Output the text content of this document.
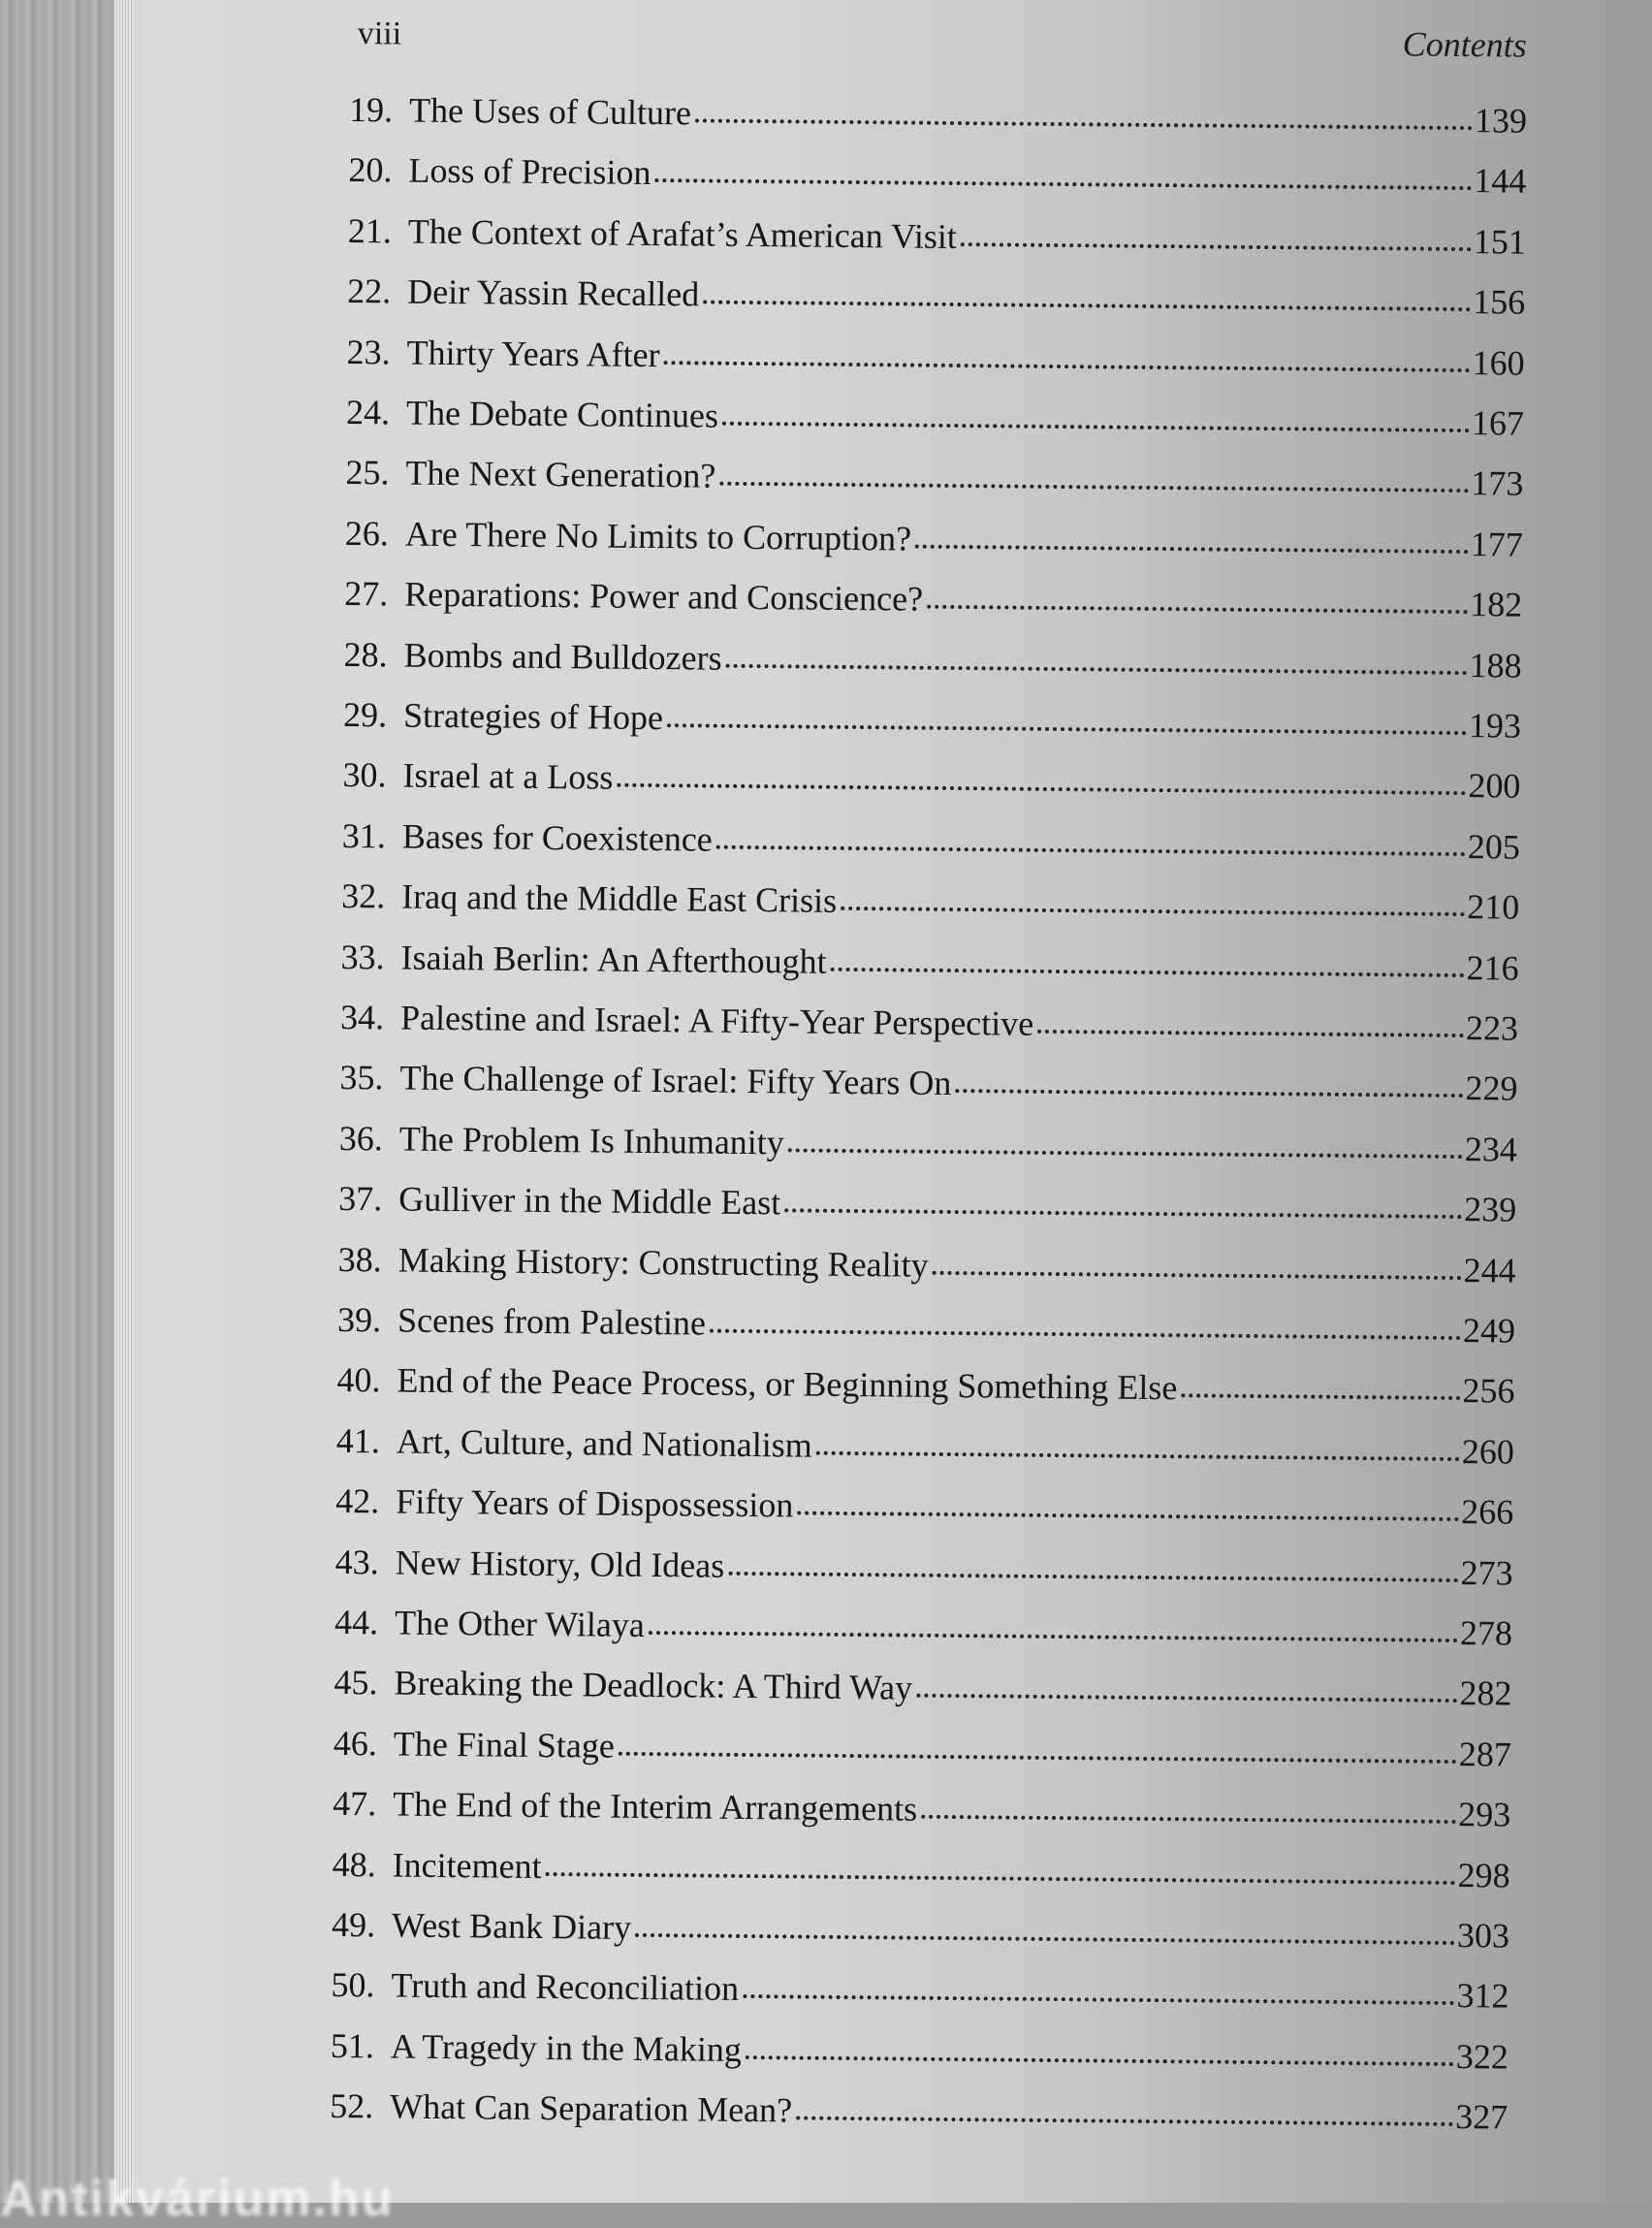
viii	Contents
19. The Uses of Culture	139
20. Loss of Precision	144
21. The Context of Arafat’s American Visit	151
22. Deir Yassin Recalled	156
23. Thirty Years After	160
24. The Debate Continues	167
25. The Next Generation?	173
26. Are There No Limits to Corruption?	177
27. Reparations: Power and Conscience?	182
28. Bombs and Bulldozers	188
29. Strategies of Hope	193
30. Israel at a Loss	200
31. Bases for Coexistence	205
32. Iraq and the Middle East Crisis	210
33. Isaiah Berlin: An Afterthought	216
34. Palestine and Israel: A Fifty-Year Perspective	223
35. The Challenge of Israel: Fifty Years On	229
36. The Problem Is Inhumanity	234
37. Gulliver in the Middle East	239
38. Making History: Constructing Reality	244
39. Scenes from Palestine	249
40. End of the Peace Process, or Beginning Something Else	256
41. Art, Culture, and Nationalism	260
42. Fifty Years of Dispossession	266
43. New History, Old Ideas	273
44. The Other Wilaya	278
45. Breaking the Deadlock: A Third Way	282
46. The Final Stage	287
47. The End of the Interim Arrangements	293
48. Incitement	298
49. West Bank Diary	303
50. Truth and Reconciliation	312
51. A Tragedy in the Making	322
52. What Can Separation Mean?	327
Antikvárium.hu
